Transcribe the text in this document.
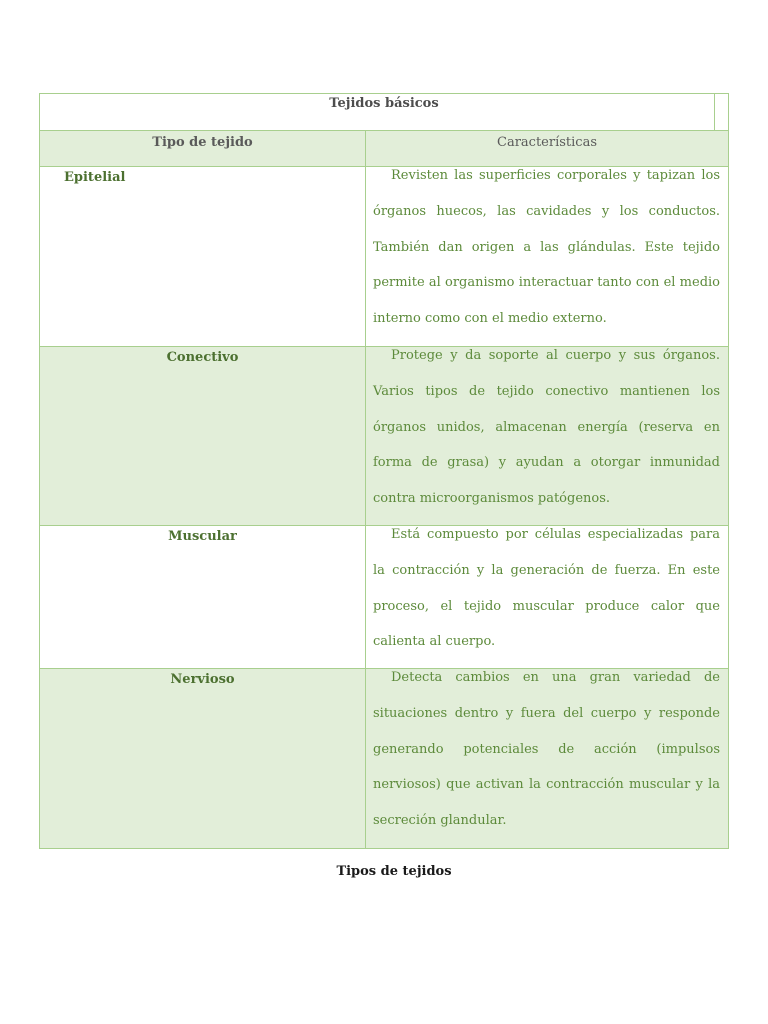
Tejidos básicos
Tipo de tejido	Características
Epitelial	Revisten las superficies corporales y tapizan los órganos huecos, las cavidades y los conductos. También dan origen a las glándulas. Este tejido permite al organismo interactuar tanto con el medio interno como con el medio externo.
Conectivo	Protege y da soporte al cuerpo y sus órganos. Varios tipos de tejido conectivo mantienen los órganos unidos, almacenan energía (reserva en forma de grasa) y ayudan a otorgar inmunidad contra microorganismos patógenos.
Muscular	Está compuesto por células especializadas para la contracción y la generación de fuerza. En este proceso, el tejido muscular produce calor que calienta al cuerpo.
Nervioso	Detecta cambios en una gran variedad de situaciones dentro y fuera del cuerpo y responde generando potenciales de acción (impulsos nerviosos) que activan la contracción muscular y la secreción glandular.
Tipos de tejidos
